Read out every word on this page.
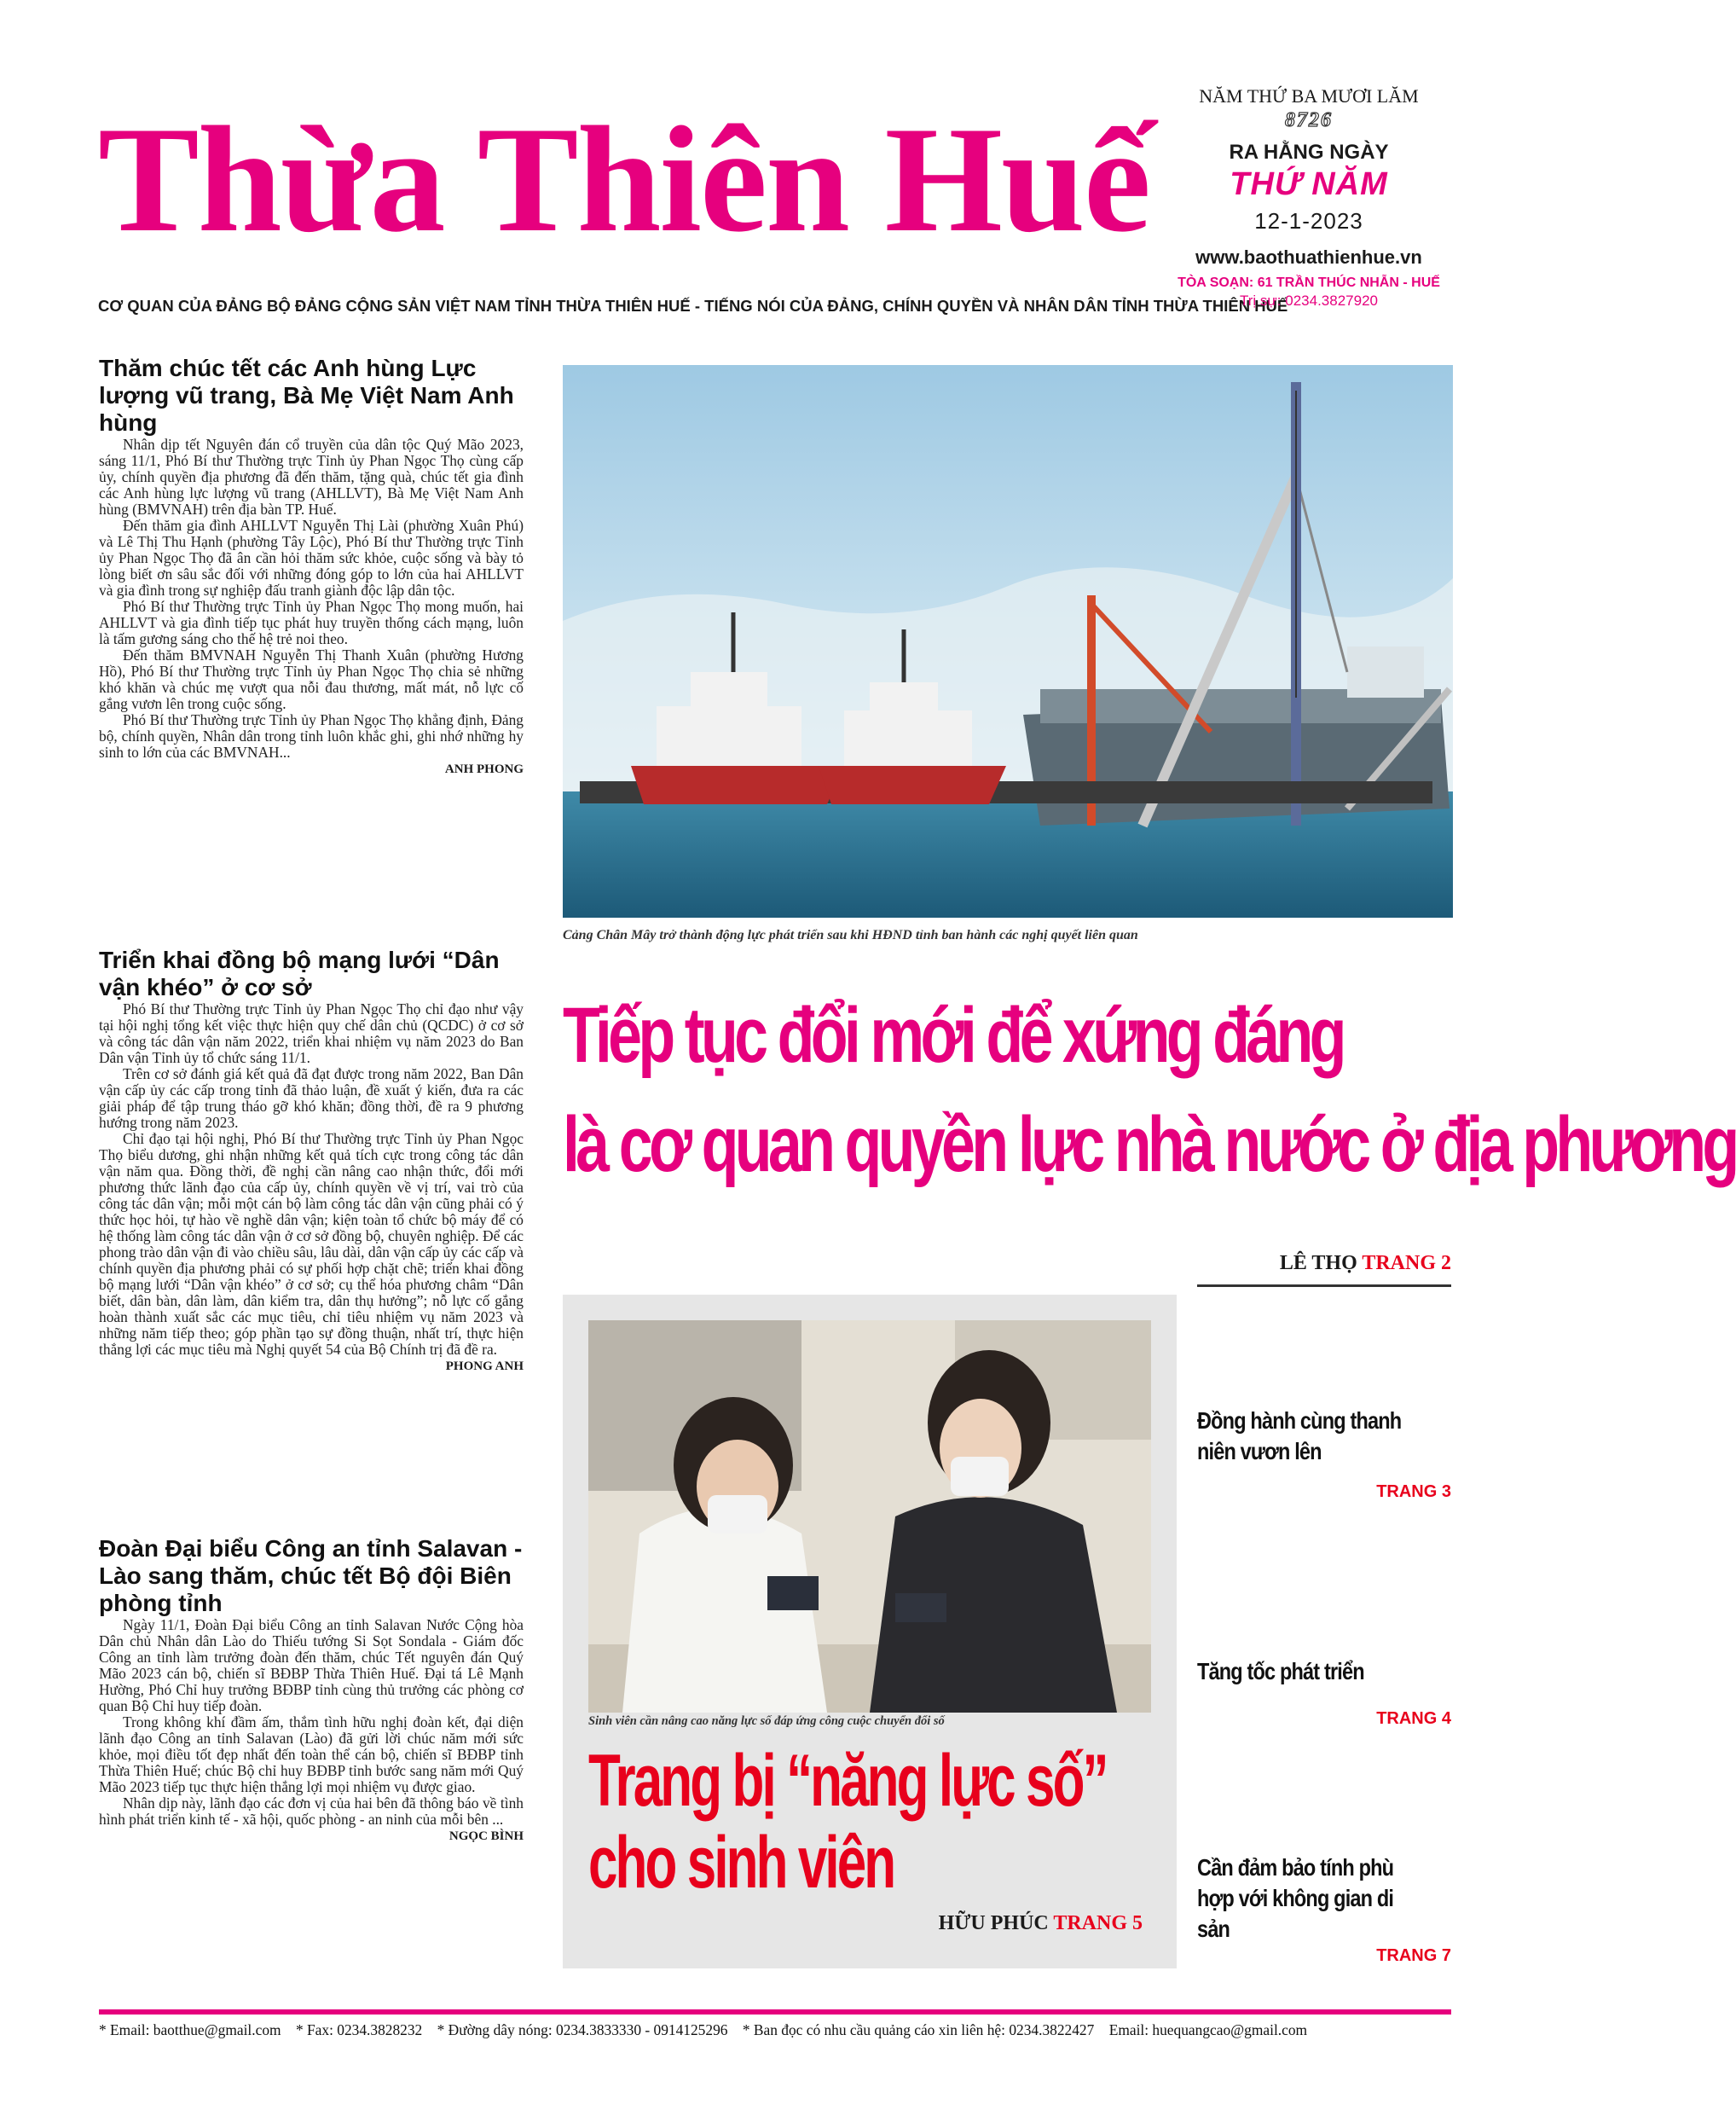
Thừa Thiên Huế
CƠ QUAN CỦA ĐẢNG BỘ ĐẢNG CỘNG SẢN VIỆT NAM TỈNH THỪA THIÊN HUẾ - TIẾNG NÓI CỦA ĐẢNG, CHÍNH QUYỀN VÀ NHÂN DÂN TỈNH THỪA THIÊN HUẾ
NĂM THỨ BA MƯƠI LĂM
8726
RA HẰNG NGÀY
THỨ NĂM
12-1-2023
www.baothuathienhue.vn
TÒA SOẠN: 61 TRẦN THÚC NHẪN - HUẾ
Trị sự: 0234.3827920
Thăm chúc tết các Anh hùng Lực lượng vũ trang, Bà Mẹ Việt Nam Anh hùng

Nhân dịp tết Nguyên đán cổ truyền của dân tộc Quý Mão 2023, sáng 11/1, Phó Bí thư Thường trực Tỉnh ủy Phan Ngọc Thọ cùng cấp ủy, chính quyền địa phương đã đến thăm, tặng quà, chúc tết gia đình các Anh hùng lực lượng vũ trang (AHLLVT), Bà Mẹ Việt Nam Anh hùng (BMVNAH) trên địa bàn TP. Huế.

Đến thăm gia đình AHLLVT Nguyễn Thị Lài (phường Xuân Phú) và Lê Thị Thu Hạnh (phường Tây Lộc), Phó Bí thư Thường trực Tỉnh ủy Phan Ngọc Thọ đã ân cần hỏi thăm sức khỏe, cuộc sống và bày tỏ lòng biết ơn sâu sắc đối với những đóng góp to lớn của hai AHLLVT và gia đình trong sự nghiệp đấu tranh giành độc lập dân tộc.

Phó Bí thư Thường trực Tỉnh ủy Phan Ngọc Thọ mong muốn, hai AHLLVT và gia đình tiếp tục phát huy truyền thống cách mạng, luôn là tấm gương sáng cho thế hệ trẻ noi theo.

Đến thăm BMVNAH Nguyễn Thị Thanh Xuân (phường Hương Hồ), Phó Bí thư Thường trực Tỉnh ủy Phan Ngọc Thọ chia sẻ những khó khăn và chúc mẹ vượt qua nỗi đau thương, mất mát, nỗ lực cố gắng vươn lên trong cuộc sống.

Phó Bí thư Thường trực Tỉnh ủy Phan Ngọc Thọ khẳng định, Đảng bộ, chính quyền, Nhân dân trong tỉnh luôn khắc ghi, ghi nhớ những hy sinh to lớn của các BMVNAH...

ANH PHONG
Triển khai đồng bộ mạng lưới “Dân vận khéo” ở cơ sở

Phó Bí thư Thường trực Tỉnh ủy Phan Ngọc Thọ chỉ đạo như vậy tại hội nghị tổng kết việc thực hiện quy chế dân chủ (QCDC) ở cơ sở và công tác dân vận năm 2022, triển khai nhiệm vụ năm 2023 do Ban Dân vận Tỉnh ủy tổ chức sáng 11/1.

Trên cơ sở đánh giá kết quả đã đạt được trong năm 2022, Ban Dân vận cấp ủy các cấp trong tỉnh đã thảo luận, đề xuất ý kiến, đưa ra các giải pháp để tập trung tháo gỡ khó khăn; đồng thời, đề ra 9 phương hướng trong năm 2023.

Chỉ đạo tại hội nghị, Phó Bí thư Thường trực Tỉnh ủy Phan Ngọc Thọ biểu dương, ghi nhận những kết quả tích cực trong công tác dân vận năm qua. Đồng thời, đề nghị cần nâng cao nhận thức, đổi mới phương thức lãnh đạo của cấp ủy, chính quyền về vị trí, vai trò của công tác dân vận; mỗi một cán bộ làm công tác dân vận cũng phải có ý thức học hỏi, tự hào về nghề dân vận; kiện toàn tổ chức bộ máy để có hệ thống làm công tác dân vận ở cơ sở đồng bộ, chuyên nghiệp. Để các phong trào dân vận đi vào chiều sâu, lâu dài, dân vận cấp ủy các cấp và chính quyền địa phương phải có sự phối hợp chặt chẽ; triển khai đồng bộ mạng lưới “Dân vận khéo” ở cơ sở; cụ thể hóa phương châm “Dân biết, dân bàn, dân làm, dân kiểm tra, dân thụ hưởng”; nỗ lực cố gắng hoàn thành xuất sắc các mục tiêu, chỉ tiêu nhiệm vụ năm 2023 và những năm tiếp theo; góp phần tạo sự đồng thuận, nhất trí, thực hiện thắng lợi các mục tiêu mà Nghị quyết 54 của Bộ Chính trị đã đề ra.

PHONG ANH
Đoàn Đại biểu Công an tỉnh Salavan - Lào sang thăm, chúc tết Bộ đội Biên phòng tỉnh

Ngày 11/1, Đoàn Đại biểu Công an tỉnh Salavan Nước Cộng hòa Dân chủ Nhân dân Lào do Thiếu tướng Si Sọt Sondala - Giám đốc Công an tỉnh làm trưởng đoàn đến thăm, chúc Tết nguyên đán Quý Mão 2023 cán bộ, chiến sĩ BĐBP Thừa Thiên Huế. Đại tá Lê Mạnh Hường, Phó Chỉ huy trưởng BĐBP tỉnh cùng thủ trưởng các phòng cơ quan Bộ Chỉ huy tiếp đoàn.

Trong không khí đầm ấm, thắm tình hữu nghị đoàn kết, đại diện lãnh đạo Công an tỉnh Salavan (Lào) đã gửi lời chúc năm mới sức khỏe, mọi điều tốt đẹp nhất đến toàn thể cán bộ, chiến sĩ BĐBP tỉnh Thừa Thiên Huế; chúc Bộ chỉ huy BĐBP tỉnh bước sang năm mới Quý Mão 2023 tiếp tục thực hiện thắng lợi mọi nhiệm vụ được giao.

Nhân dịp này, lãnh đạo các đơn vị của hai bên đã thông báo về tình hình phát triển kinh tế - xã hội, quốc phòng - an ninh của mỗi bên ...

NGỌC BÌNH
Cảng Chân Mây trở thành động lực phát triển sau khi HĐND tỉnh ban hành các nghị quyết liên quan
Tiếp tục đổi mới để xứng đáng
là cơ quan quyền lực nhà nước ở địa phương
LÊ THỌ TRANG 2
Sinh viên cần nâng cao năng lực số đáp ứng công cuộc chuyển đổi số
Trang bị “năng lực số”
cho sinh viên
HỮU PHÚC TRANG 5
Đồng hành cùng thanh niên vươn lên
TRANG 3
Tăng tốc phát triển
TRANG 4
Cần đảm bảo tính phù hợp với không gian di sản
TRANG 7
* Email: baotthue@gmail.com * Fax: 0234.3828232 * Đường dây nóng: 0234.3833330 - 0914125296 * Ban đọc có nhu cầu quảng cáo xin liên hệ: 0234.3822427 Email: huequangcao@gmail.com
